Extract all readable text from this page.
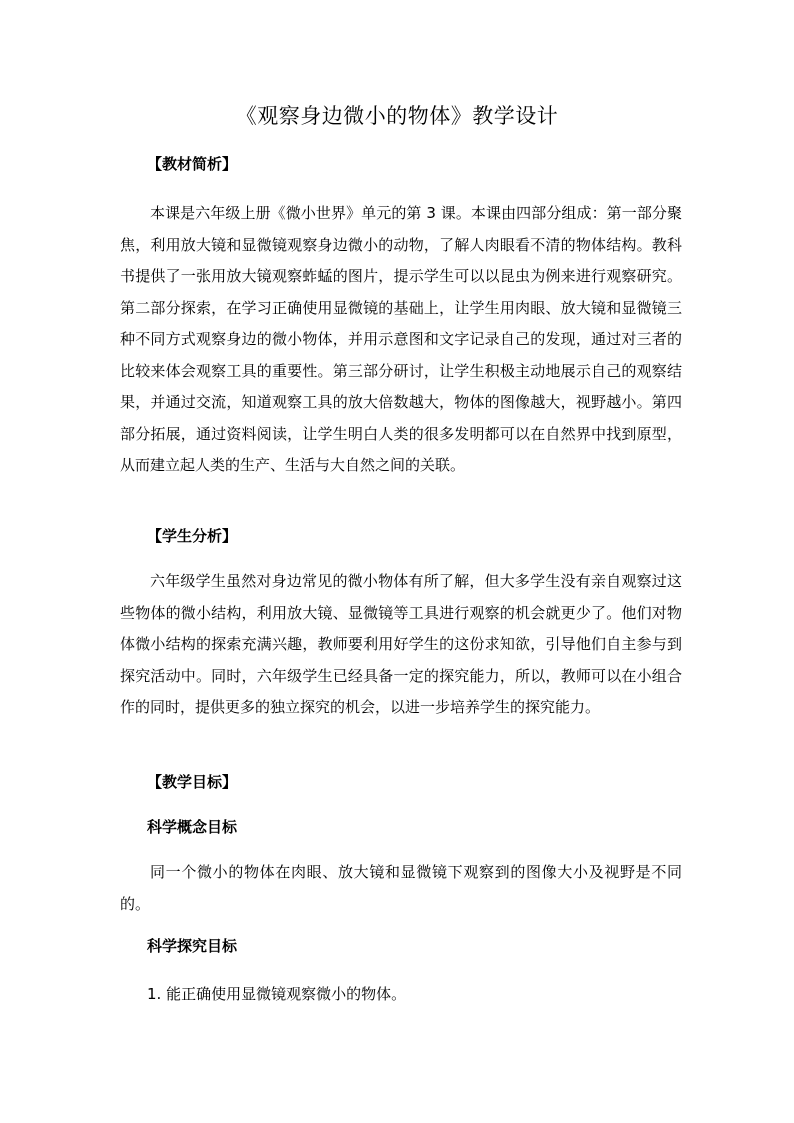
《观察身边微小的物体》教学设计
【教材简析】

本课是六年级上册《微小世界》单元的第 3 课。本课由四部分组成：第一部分聚焦，利用放大镜和显微镜观察身边微小的动物，了解人肉眼看不清的物体结构。教科书提供了一张用放大镜观察蚱蜢的图片，提示学生可以以昆虫为例来进行观察研究。第二部分探索，在学习正确使用显微镜的基础上，让学生用肉眼、放大镜和显微镜三种不同方式观察身边的微小物体，并用示意图和文字记录自己的发现，通过对三者的比较来体会观察工具的重要性。第三部分研讨，让学生积极主动地展示自己的观察结果，并通过交流，知道观察工具的放大倍数越大，物体的图像越大，视野越小。第四部分拓展，通过资料阅读，让学生明白人类的很多发明都可以在自然界中找到原型，从而建立起人类的生产、生活与大自然之间的关联。

【学生分析】

六年级学生虽然对身边常见的微小物体有所了解，但大多学生没有亲自观察过这些物体的微小结构，利用放大镜、显微镜等工具进行观察的机会就更少了。他们对物体微小结构的探索充满兴趣，教师要利用好学生的这份求知欲，引导他们自主参与到探究活动中。同时，六年级学生已经具备一定的探究能力，所以，教师可以在小组合作的同时，提供更多的独立探究的机会，以进一步培养学生的探究能力。

【教学目标】
科学概念目标

同一个微小的物体在肉眼、放大镜和显微镜下观察到的图像大小及视野是不同的。

科学探究目标
1. 能正确使用显微镜观察微小的物体。
